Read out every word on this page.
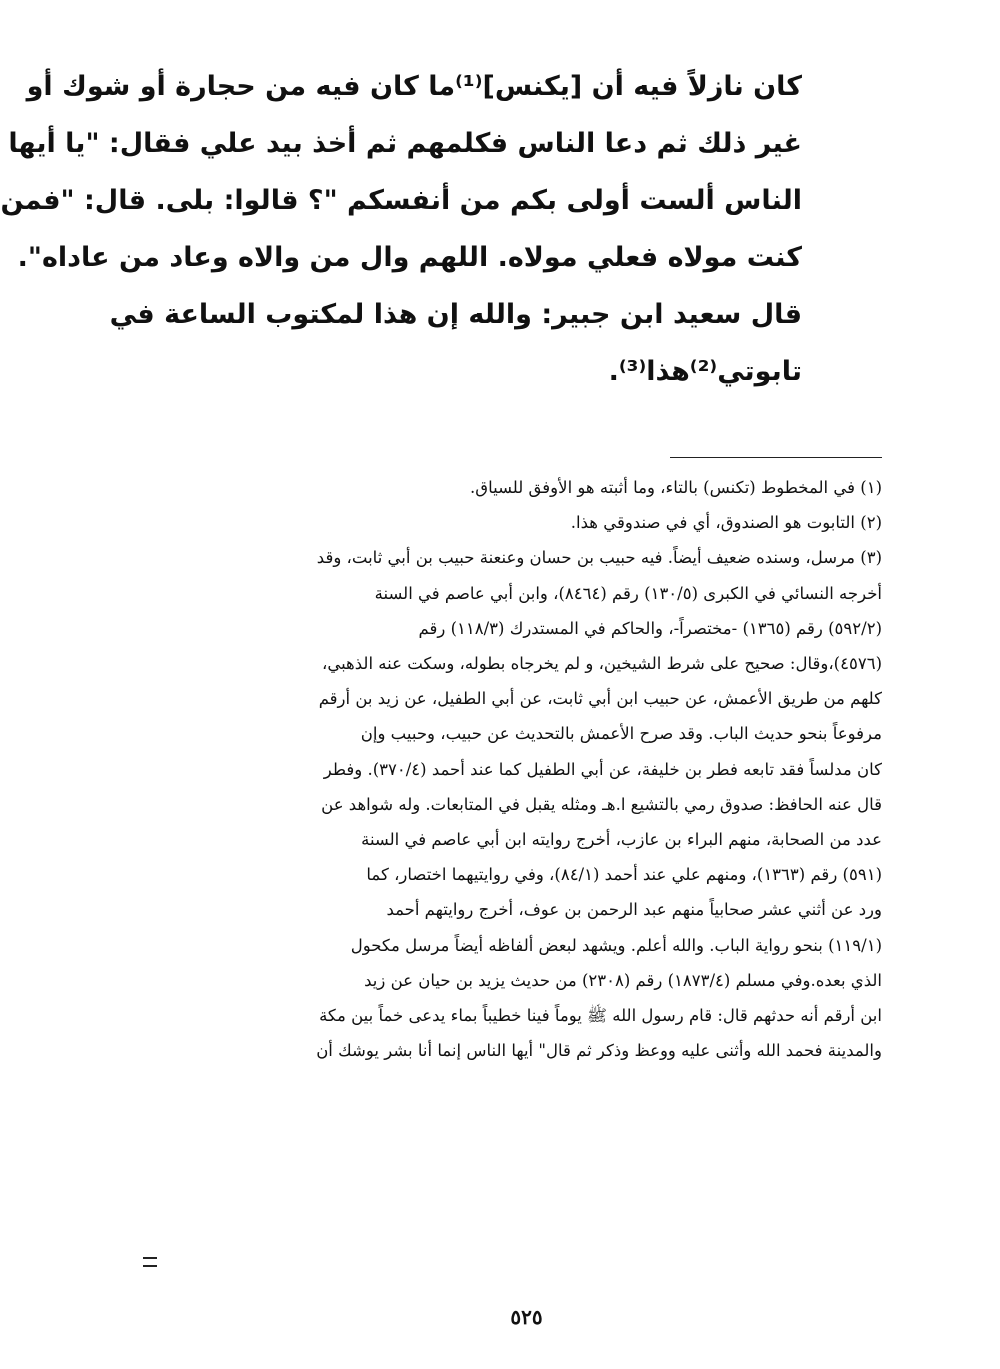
كان نازلاً فيه أن [يكنس]⁽¹⁾ما كان فيه من حجارة أو شوك أو
غير ذلك ثم دعا الناس فكلمهم ثم أخذ بيد علي فقال: "يا أيها
الناس ألست أولى بكم من أنفسكم "؟ قالوا: بلى. قال: "فمن
كنت مولاه فعلي مولاه. اللهم وال من والاه وعاد من عاداه".
قال سعيد ابن جبير: والله إن هذا لمكتوب الساعة في
تابوتي⁽²⁾هذا⁽³⁾.
(١) في المخطوط (تكنس) بالتاء، وما أثبته هو الأوفق للسياق.
(٢) التابوت هو الصندوق، أي في صندوقي هذا.
(٣) مرسل، وسنده ضعيف أيضاً. فيه حبيب بن حسان وعنعنة حبيب بن أبي ثابت، وقد
أخرجه النسائي في الكبرى (١٣٠/٥) رقم (٨٤٦٤)، وابن أبي عاصم في السنة
(٥٩٢/٢) رقم (١٣٦٥) -مختصراً-، والحاكم في المستدرك (١١٨/٣) رقم
(٤٥٧٦)،وقال: صحيح على شرط الشيخين، و لم يخرجاه بطوله، وسكت عنه الذهبي،
كلهم من طريق الأعمش، عن حبيب ابن أبي ثابت، عن أبي الطفيل، عن زيد بن أرقم
مرفوعاً بنحو حديث الباب. وقد صرح الأعمش بالتحديث عن حبيب، وحبيب وإن
كان مدلساً فقد تابعه فطر بن خليفة، عن أبي الطفيل كما عند أحمد (٣٧٠/٤). وفطر
قال عنه الحافظ: صدوق رمي بالتشيع ا.هـ ومثله يقبل في المتابعات. وله شواهد عن
عدد من الصحابة، منهم البراء بن عازب، أخرج روايته ابن أبي عاصم في السنة
(٥٩١) رقم (١٣٦٣)، ومنهم علي عند أحمد (٨٤/١)، وفي روايتيهما اختصار، كما
ورد عن أثني عشر صحابياً منهم عبد الرحمن بن عوف، أخرج روايتهم أحمد
(١١٩/١) بنحو رواية الباب. والله أعلم. ويشهد لبعض ألفاظه أيضاً مرسل مكحول
الذي بعده.وفي مسلم (١٨٧٣/٤) رقم (٢٣٠٨) من حديث يزيد بن حيان عن زيد
ابن أرقم أنه حدثهم قال: قام رسول الله ﷺ يوماً فينا خطيباً بماء يدعى خماً بين مكة
والمدينة فحمد الله وأثنى عليه ووعظ وذكر ثم قال" أيها الناس إنما أنا بشر يوشك أن
٥٢٥
